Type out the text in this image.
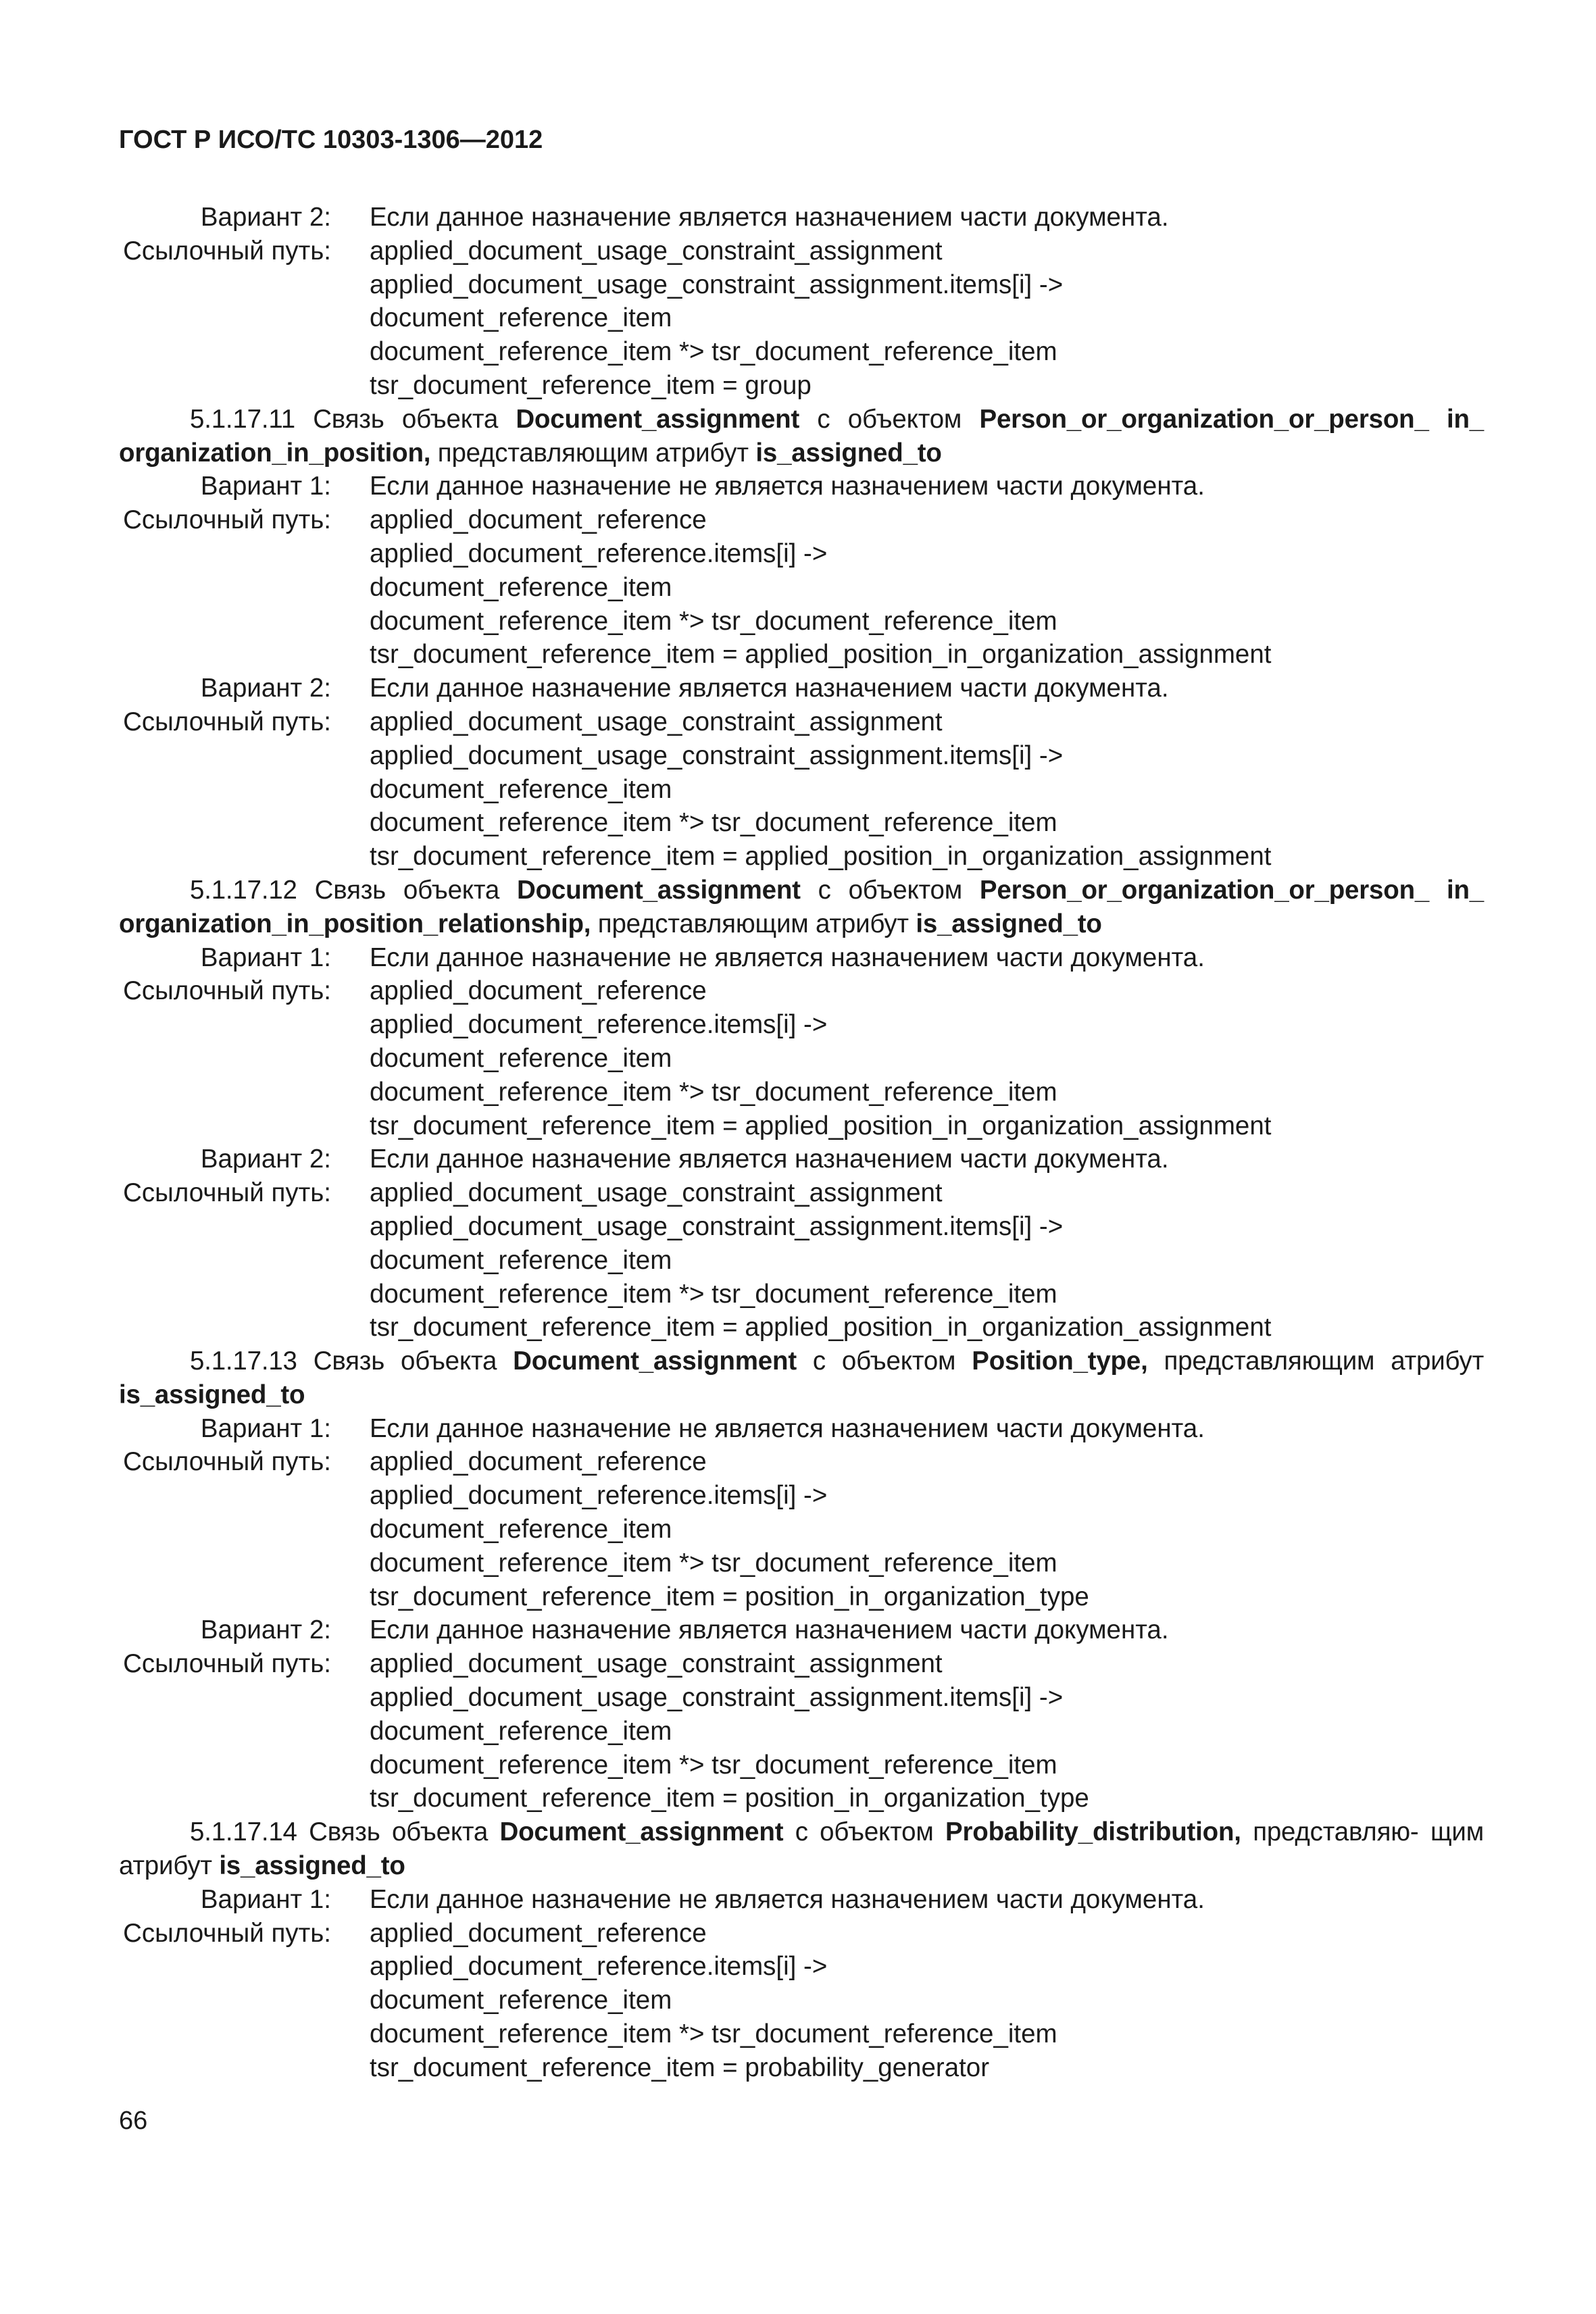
ГОСТ Р ИСО/ТС 10303-1306—2012
Вариант 2: Если данное назначение является назначением части документа.
Ссылочный путь: applied_document_usage_constraint_assignment
applied_document_usage_constraint_assignment.items[i] ->
document_reference_item
document_reference_item *> tsr_document_reference_item
tsr_document_reference_item = group
5.1.17.11 Связь объекта Document_assignment с объектом Person_or_organization_or_person_ in_ organization_in_position, представляющим атрибут is_assigned_to
Вариант 1: Если данное назначение не является назначением части документа.
Ссылочный путь: applied_document_reference
applied_document_reference.items[i] ->
document_reference_item
document_reference_item *> tsr_document_reference_item
tsr_document_reference_item = applied_position_in_organization_assignment
Вариант 2: Если данное назначение является назначением части документа.
Ссылочный путь: applied_document_usage_constraint_assignment
applied_document_usage_constraint_assignment.items[i] ->
document_reference_item
document_reference_item *> tsr_document_reference_item
tsr_document_reference_item = applied_position_in_organization_assignment
5.1.17.12 Связь объекта Document_assignment с объектом Person_or_organization_or_person_ in_ organization_in_position_relationship, представляющим атрибут is_assigned_to
Вариант 1: Если данное назначение не является назначением части документа.
Ссылочный путь: applied_document_reference
applied_document_reference.items[i] ->
document_reference_item
document_reference_item *> tsr_document_reference_item
tsr_document_reference_item = applied_position_in_organization_assignment
Вариант 2: Если данное назначение является назначением части документа.
Ссылочный путь: applied_document_usage_constraint_assignment
applied_document_usage_constraint_assignment.items[i] ->
document_reference_item
document_reference_item *> tsr_document_reference_item
tsr_document_reference_item = applied_position_in_organization_assignment
5.1.17.13 Связь объекта Document_assignment с объектом Position_type, представляющим атрибут is_assigned_to
Вариант 1: Если данное назначение не является назначением части документа.
Ссылочный путь: applied_document_reference
applied_document_reference.items[i] ->
document_reference_item
document_reference_item *> tsr_document_reference_item
tsr_document_reference_item = position_in_organization_type
Вариант 2: Если данное назначение является назначением части документа.
Ссылочный путь: applied_document_usage_constraint_assignment
applied_document_usage_constraint_assignment.items[i] ->
document_reference_item
document_reference_item *> tsr_document_reference_item
tsr_document_reference_item = position_in_organization_type
5.1.17.14 Связь объекта Document_assignment с объектом Probability_distribution, представляю- щим атрибут is_assigned_to
Вариант 1: Если данное назначение не является назначением части документа.
Ссылочный путь: applied_document_reference
applied_document_reference.items[i] ->
document_reference_item
document_reference_item *> tsr_document_reference_item
tsr_document_reference_item = probability_generator
66
